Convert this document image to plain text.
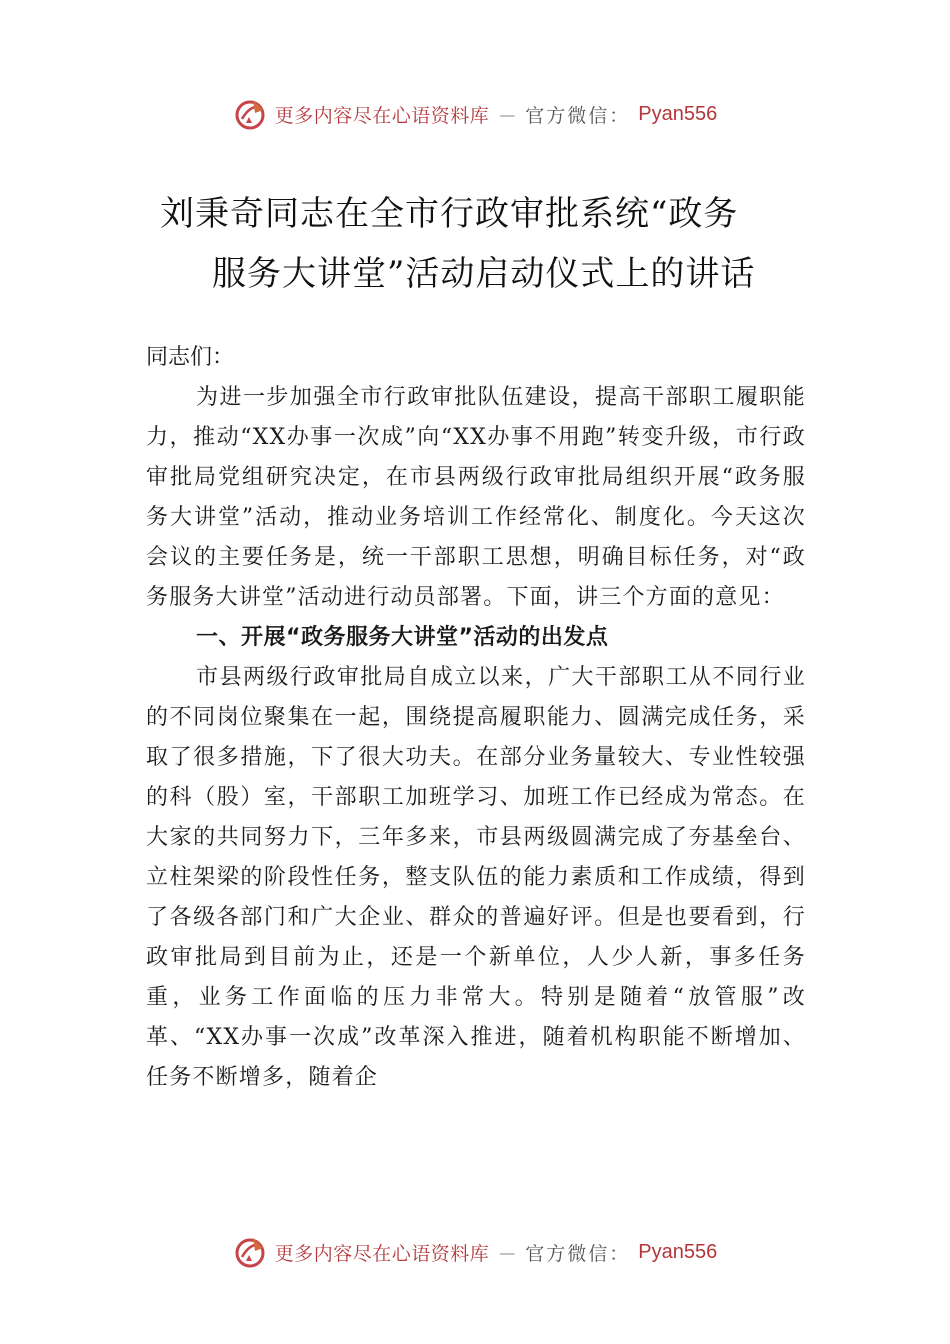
更多内容尽在心语资料库 — 官方微信： Pyan556
刘秉奇同志在全市行政审批系统“政务
服务大讲堂”活动启动仪式上的讲话

同志们：

为进一步加强全市行政审批队伍建设，提高干部职工履职能力，推动“XX办事一次成”向“XX办事不用跑”转变升级，市行政审批局党组研究决定，在市县两级行政审批局组织开展“政务服务大讲堂”活动，推动业务培训工作经常化、制度化。今天这次会议的主要任务是，统一干部职工思想，明确目标任务，对“政务服务大讲堂”活动进行动员部署。下面，讲三个方面的意见：

一、开展“政务服务大讲堂”活动的出发点

市县两级行政审批局自成立以来，广大干部职工从不同行业的不同岗位聚集在一起，围绕提高履职能力、圆满完成任务，采取了很多措施，下了很大功夫。在部分业务量较大、专业性较强的科（股）室，干部职工加班学习、加班工作已经成为常态。在大家的共同努力下，三年多来，市县两级圆满完成了夯基垒台、立柱架梁的阶段性任务，整支队伍的能力素质和工作成绩，得到了各级各部门和广大企业、群众的普遍好评。但是也要看到，行政审批局到目前为止，还是一个新单位，人少人新，事多任务重，业务工作面临的压力非常大。特别是随着“放管服”改革、“XX办事一次成”改革深入推进，随着机构职能不断增加、任务不断增多，随着企

更多内容尽在心语资料库 — 官方微信： Pyan556
